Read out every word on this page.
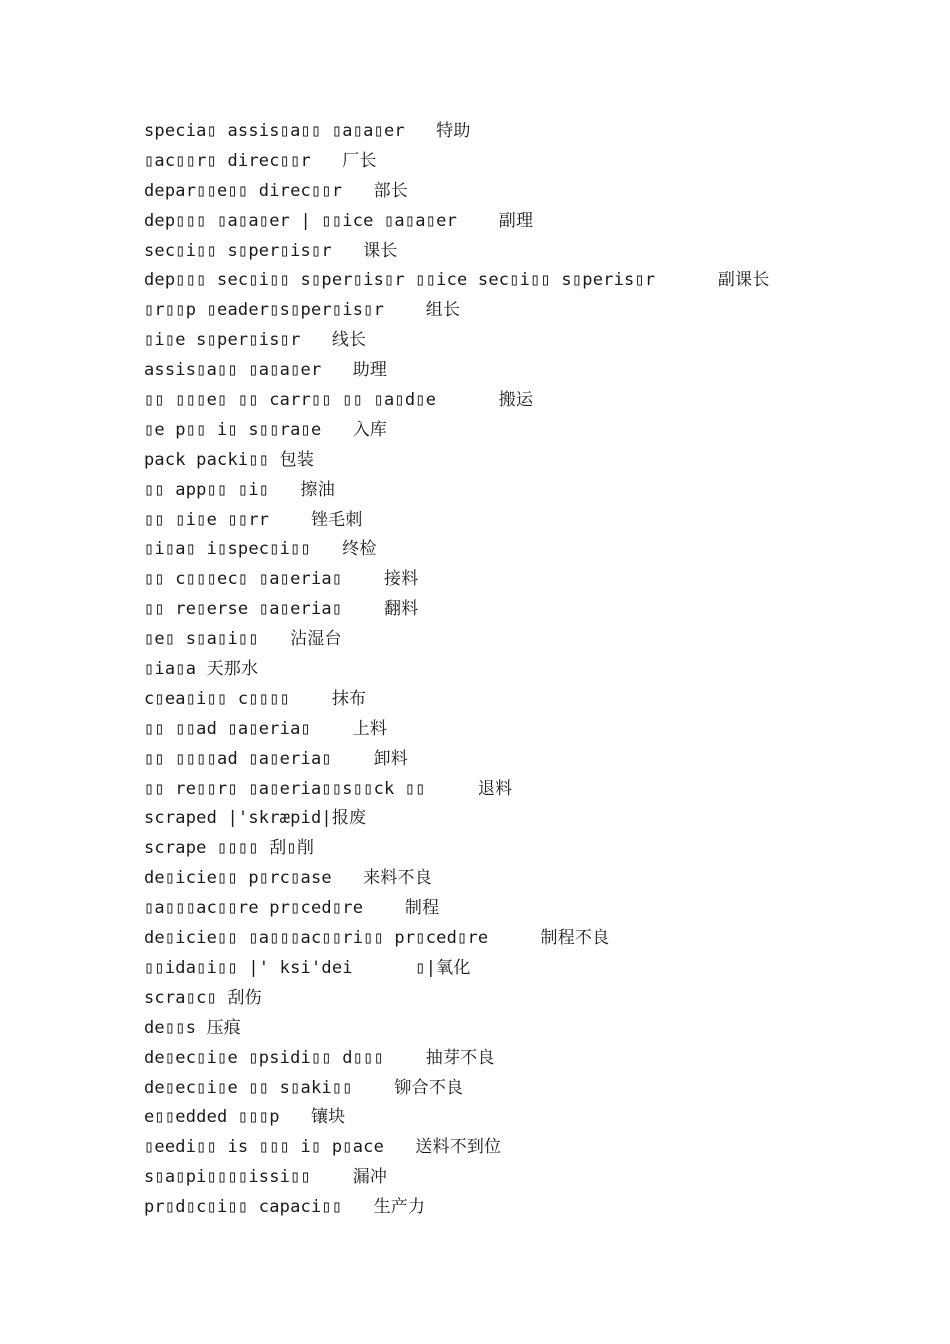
specia▯ assis▯a▯▯ ▯a▯a▯er   特助
▯ac▯▯r▯ direc▯▯r   厂长
depar▯▯e▯▯ direc▯▯r   部长
dep▯▯▯ ▯a▯a▯er | ▯▯ice ▯a▯a▯er    副理
sec▯i▯▯ s▯per▯is▯r   课长
dep▯▯▯ sec▯i▯▯ s▯per▯is▯r ▯▯ice sec▯i▯▯ s▯peris▯r      副课长
▯r▯▯p ▯eader▯s▯per▯is▯r    组长
▯i▯e s▯per▯is▯r   线长
assis▯a▯▯ ▯a▯a▯er   助理
▯▯ ▯▯▯e▯ ▯▯ carr▯▯ ▯▯ ▯a▯d▯e      搬运
▯e p▯▯ i▯ s▯▯ra▯e   入库
pack packi▯▯ 包装
▯▯ app▯▯ ▯i▯   擦油
▯▯ ▯i▯e ▯▯rr    锉毛刺
▯i▯a▯ i▯spec▯i▯▯   终检
▯▯ c▯▯▯ec▯ ▯a▯eria▯    接料
▯▯ re▯erse ▯a▯eria▯    翻料
▯e▯ s▯a▯i▯▯   沾湿台
▯ia▯a 天那水
c▯ea▯i▯▯ c▯▯▯▯    抹布
▯▯ ▯▯ad ▯a▯eria▯    上料
▯▯ ▯▯▯▯ad ▯a▯eria▯    卸料
▯▯ re▯▯r▯ ▯a▯eria▯▯s▯▯ck ▯▯     退料
scraped |'skræpid|报废
scrape ▯▯▯▯ 刮▯削
de▯icie▯▯ p▯rc▯ase   来料不良
▯a▯▯▯ac▯▯re pr▯ced▯re    制程
de▯icie▯▯ ▯a▯▯▯ac▯▯ri▯▯ pr▯ced▯re     制程不良
▯▯ida▯i▯▯ |' ksi'dei      ▯|氧化
scra▯c▯ 刮伤
de▯▯s 压痕
de▯ec▯i▯e ▯psidi▯▯ d▯▯▯    抽芽不良
de▯ec▯i▯e ▯▯ s▯aki▯▯    铆合不良
e▯▯edded ▯▯▯p   镶块
▯eedi▯▯ is ▯▯▯ i▯ p▯ace   送料不到位
s▯a▯pi▯▯▯▯issi▯▯    漏冲
pr▯d▯c▯i▯▯ capaci▯▯   生产力
